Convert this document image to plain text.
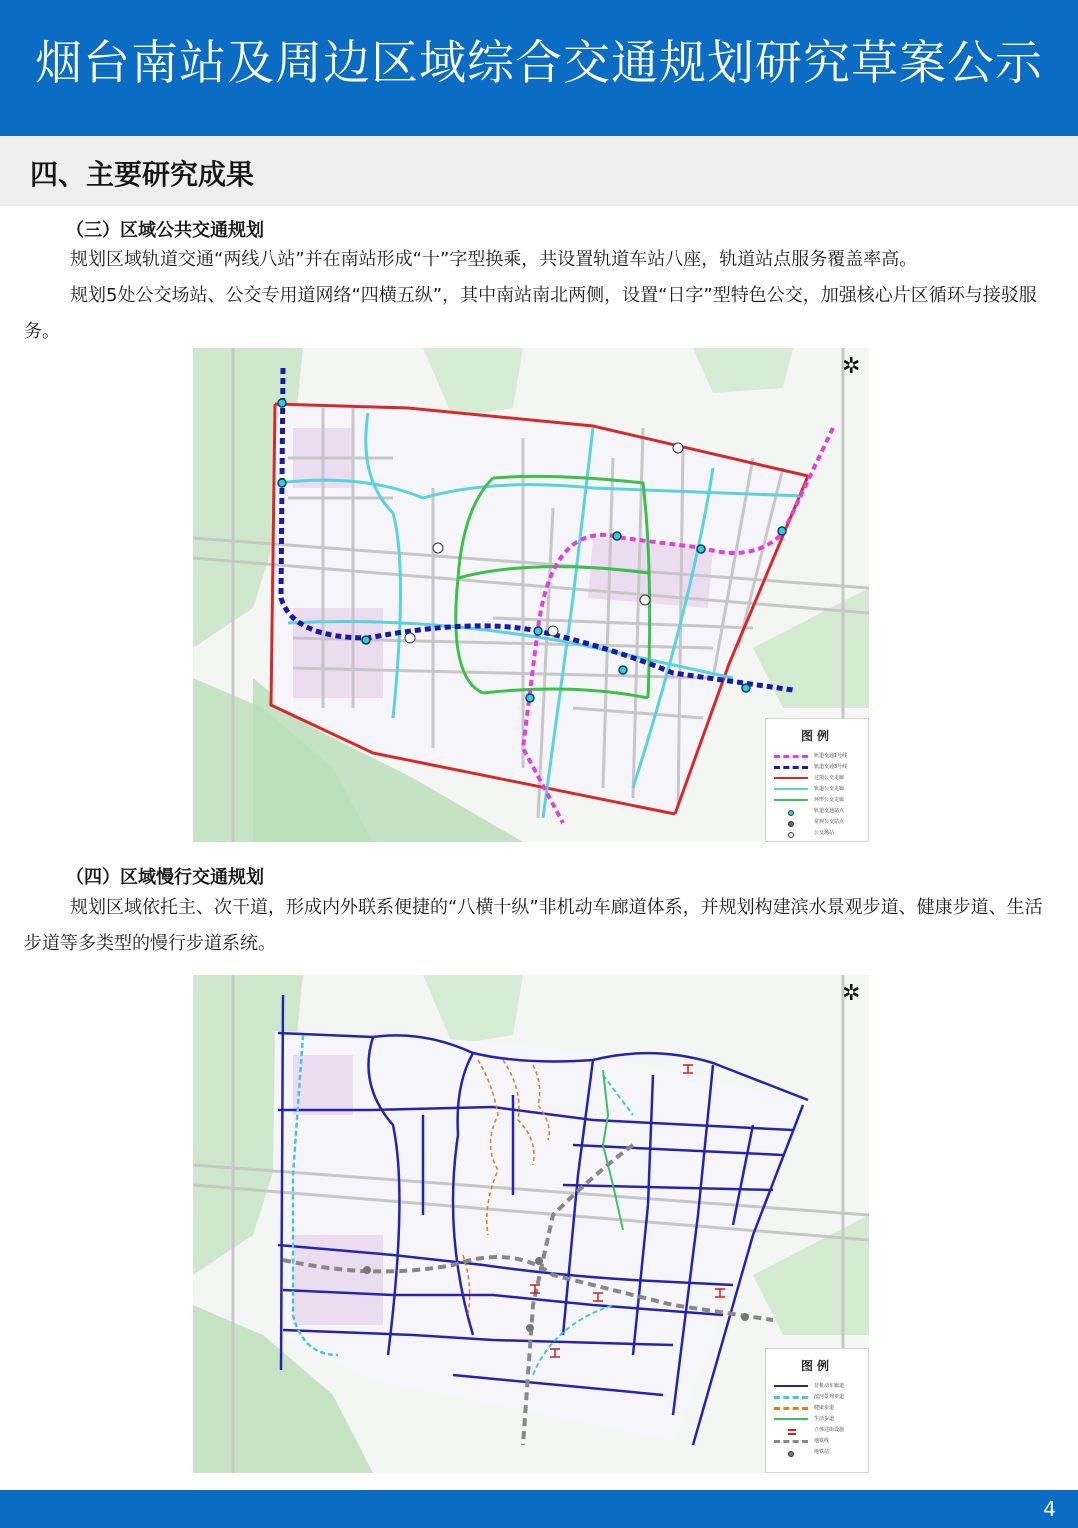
烟台南站及周边区域综合交通规划研究草案公示
四、主要研究成果
（三）区域公共交通规划

规划区域轨道交通“两线八站”并在南站形成“十”字型换乘，共设置轨道车站八座，轨道站点服务覆盖率高。

规划5处公交场站、公交专用道网络“四横五纵”，其中南站南北两侧，设置“日字”型特色公交，加强核心片区循环与接驳服务。

✲
图例
轨道交通1号线
轨道交通3号线
过境公交走廊
轨道公交走廊
环形公交走廊
轨道交通站点
常规公交站点
公交场站
（四）区域慢行交通规划

规划区域依托主、次干道，形成内外联系便捷的“八横十纵”非机动车廊道体系，并规划构建滨水景观步道、健康步道、生活步道等多类型的慢行步道系统。

✲
图例
非机动车廊道
滨河景观步道
健康步道
生活步道
立体过街设施
地铁线
地铁站
4
